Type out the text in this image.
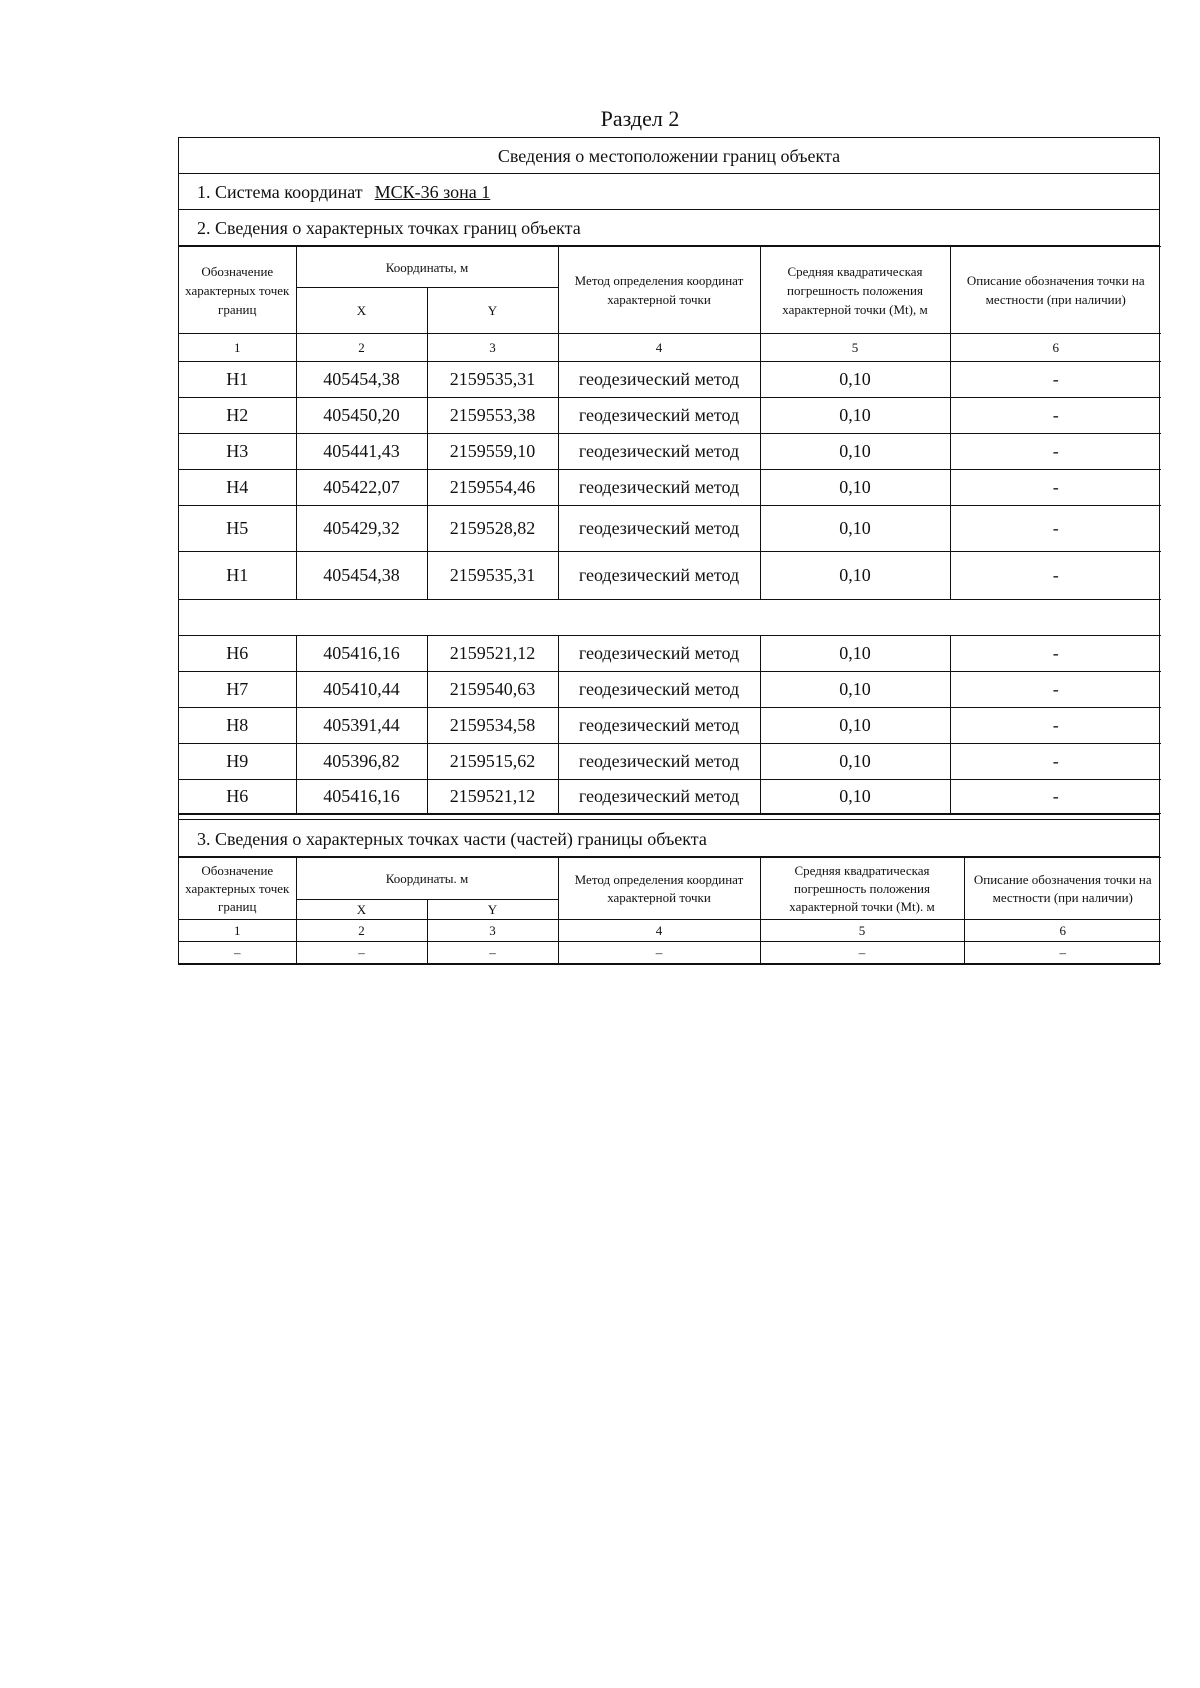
Раздел 2
Сведения о местоположении границ объекта
1. Система координат МСК-36 зона 1
2. Сведения о характерных точках границ объекта
Обозначение характерных точек границ	Координаты, м		Метод определения координат характерной точки	Средняя квадратическая погрешность положения характерной точки (Mt), м	Описание обозначения точки на местности (при наличии)
	X	Y			
1	2	3	4	5	6
Н1	405454,38	2159535,31	геодезический метод	0,10	-
Н2	405450,20	2159553,38	геодезический метод	0,10	-
Н3	405441,43	2159559,10	геодезический метод	0,10	-
Н4	405422,07	2159554,46	геодезический метод	0,10	-
Н5	405429,32	2159528,82	геодезический метод	0,10	-
Н1	405454,38	2159535,31	геодезический метод	0,10	-

Н6	405416,16	2159521,12	геодезический метод	0,10	-
Н7	405410,44	2159540,63	геодезический метод	0,10	-
Н8	405391,44	2159534,58	геодезический метод	0,10	-
Н9	405396,82	2159515,62	геодезический метод	0,10	-
Н6	405416,16	2159521,12	геодезический метод	0,10	-
3. Сведения о характерных точках части (частей) границы объекта
Обозначение характерных точек границ	Координаты. м		Метод определения координат характерной точки	Средняя квадратическая погрешность положения характерной точки (Mt). м	Описание обозначения точки на местности (при наличии)
	X	Y			
1	2	3	4	5	6
–	–	–	–	–	–
